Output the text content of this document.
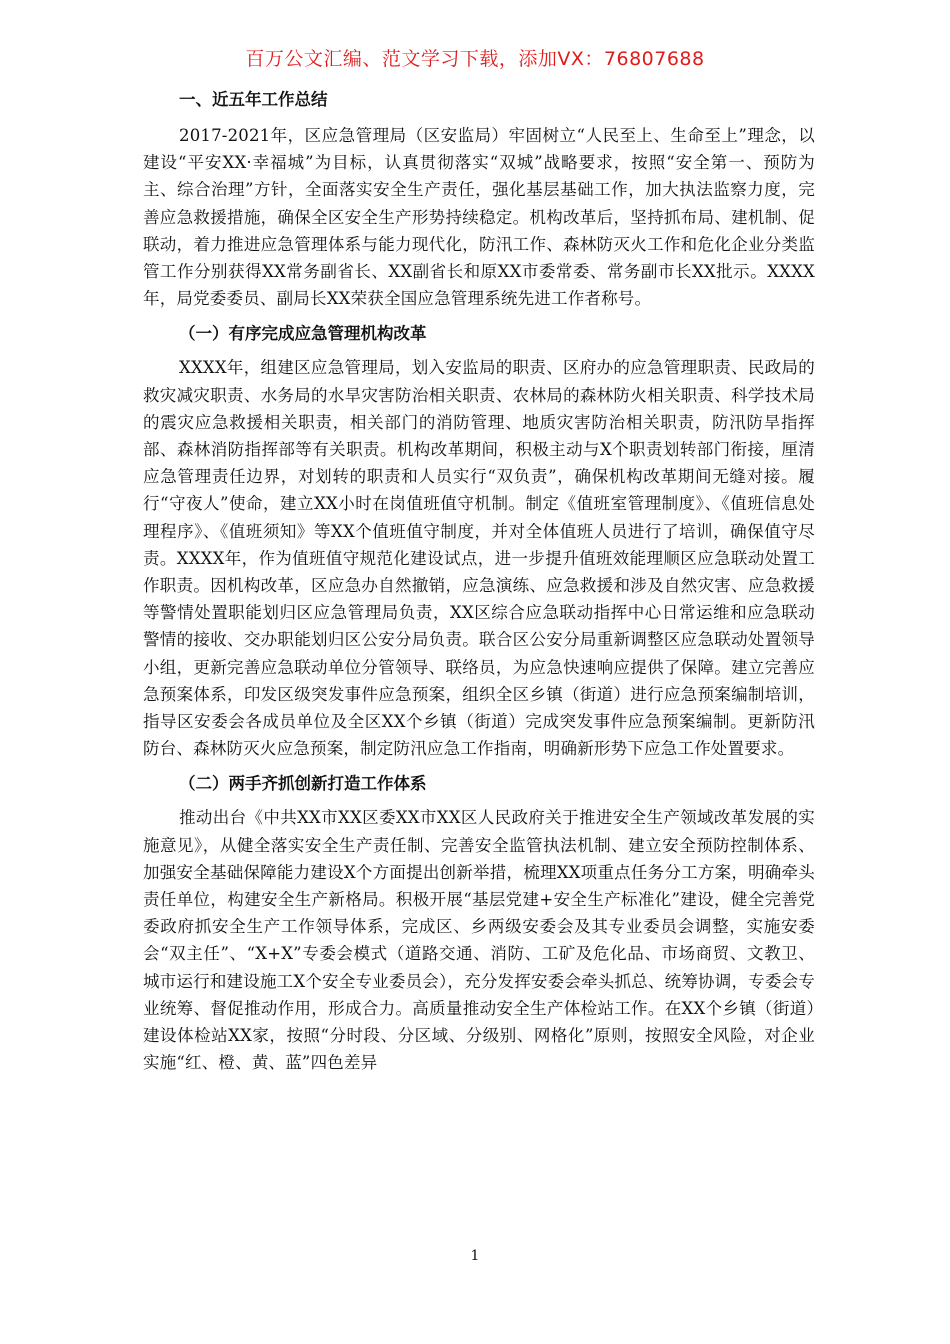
百万公文汇编、范文学习下载，添加VX：76807688
一、近五年工作总结

2017-2021年，区应急管理局（区安监局）牢固树立“人民至上、生命至上”理念，以建设“平安XX·幸福城”为目标，认真贯彻落实“双城”战略要求，按照“安全第一、预防为主、综合治理”方针，全面落实安全生产责任，强化基层基础工作，加大执法监察力度，完善应急救援措施，确保全区安全生产形势持续稳定。机构改革后，坚持抓布局、建机制、促联动，着力推进应急管理体系与能力现代化，防汛工作、森林防灭火工作和危化企业分类监管工作分别获得XX常务副省长、XX副省长和原XX市委常委、常务副市长XX批示。XXXX年，局党委委员、副局长XX荣获全国应急管理系统先进工作者称号。

（一）有序完成应急管理机构改革

XXXX年，组建区应急管理局，划入安监局的职责、区府办的应急管理职责、民政局的救灾减灾职责、水务局的水旱灾害防治相关职责、农林局的森林防火相关职责、科学技术局的震灾应急救援相关职责，相关部门的消防管理、地质灾害防治相关职责，防汛防旱指挥部、森林消防指挥部等有关职责。机构改革期间，积极主动与X个职责划转部门衔接，厘清应急管理责任边界，对划转的职责和人员实行“双负责”，确保机构改革期间无缝对接。履行“守夜人”使命，建立XX小时在岗值班值守机制。制定《值班室管理制度》、《值班信息处理程序》、《值班须知》等XX个值班值守制度，并对全体值班人员进行了培训，确保值守尽责。XXXX年，作为值班值守规范化建设试点，进一步提升值班效能理顺区应急联动处置工作职责。因机构改革，区应急办自然撤销，应急演练、应急救援和涉及自然灾害、应急救援等警情处置职能划归区应急管理局负责，XX区综合应急联动指挥中心日常运维和应急联动警情的接收、交办职能划归区公安分局负责。联合区公安分局重新调整区应急联动处置领导小组，更新完善应急联动单位分管领导、联络员，为应急快速响应提供了保障。建立完善应急预案体系，印发区级突发事件应急预案，组织全区乡镇（街道）进行应急预案编制培训，指导区安委会各成员单位及全区XX个乡镇（街道）完成突发事件应急预案编制。更新防汛防台、森林防灭火应急预案，制定防汛应急工作指南，明确新形势下应急工作处置要求。

（二）两手齐抓创新打造工作体系

推动出台《中共XX市XX区委XX市XX区人民政府关于推进安全生产领域改革发展的实施意见》，从健全落实安全生产责任制、完善安全监管执法机制、建立安全预防控制体系、加强安全基础保障能力建设X个方面提出创新举措，梳理XX项重点任务分工方案，明确牵头责任单位，构建安全生产新格局。积极开展“基层党建+安全生产标准化”建设，健全完善党委政府抓安全生产工作领导体系，完成区、乡两级安委会及其专业委员会调整，实施安委会“双主任”、“X+X”专委会模式（道路交通、消防、工矿及危化品、市场商贸、文教卫、城市运行和建设施工X个安全专业委员会），充分发挥安委会牵头抓总、统筹协调，专委会专业统筹、督促推动作用，形成合力。高质量推动安全生产体检站工作。在XX个乡镇（街道）建设体检站XX家，按照“分时段、分区域、分级别、网格化”原则，按照安全风险，对企业实施“红、橙、黄、蓝”四色差异

1
